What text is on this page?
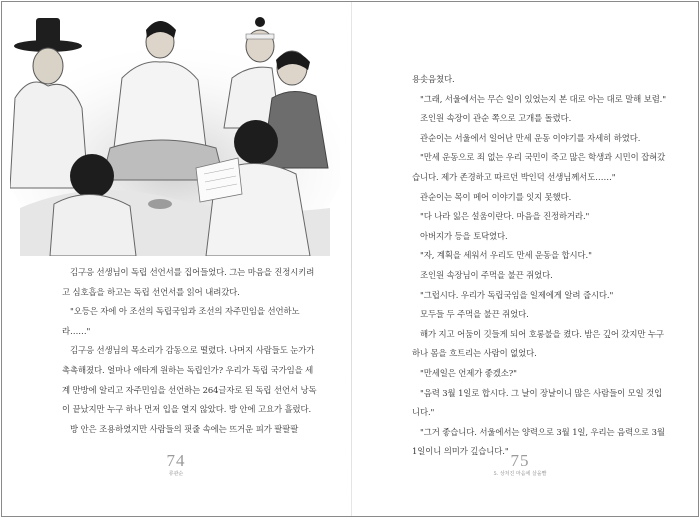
김구응 선생님이 독립 선언서를 집어들었다. 그는 마음을 진정시키려고 심호흡을 하고는 독립 선언서를 읽어 내려갔다.

"오등은 자에 아 조선의 독립국임과 조선의 자주민임을 선언하노라……"

김구응 선생님의 목소리가 감동으로 떨렸다. 나머지 사람들도 눈가가 촉촉해졌다. 얼마나 애타게 원하는 독립인가? 우리가 독립 국가임을 세계 만방에 알리고 자주민임을 선언하는 264글자로 된 독립 선언서 낭독이 끝났지만 누구 하나 먼저 입을 열지 않았다. 방 안에 고요가 흘렀다.

방 안은 조용하였지만 사람들의 핏줄 속에는 뜨거운 피가 팔팔팔

74
류관순

용솟음쳤다.

"그래, 서울에서는 무슨 일이 있었는지 본 대로 아는 대로 말해 보렴."

조인원 속장이 관순 쪽으로 고개를 돌렸다.

관순이는 서울에서 일어난 만세 운동 이야기를 자세히 하였다.

"만세 운동으로 죄 없는 우리 국민이 죽고 많은 학생과 시민이 잡혀갔습니다. 제가 존경하고 따르던 박인덕 선생님께서도……"

관순이는 목이 메어 이야기를 잇지 못했다.

"다 나라 잃은 설움이란다. 마음을 진정하거라."

아버지가 등을 토닥였다.

"자, 계획을 세워서 우리도 만세 운동을 합시다."

조인원 속장님이 주먹을 불끈 쥐었다.

"그럽시다. 우리가 독립국임을 일제에게 알려 줍시다."

모두들 두 주먹을 불끈 쥐었다.

해가 지고 어둠이 깃들게 되어 호롱불을 켰다. 밤은 깊어 갔지만 누구 하나 몸을 흐트리는 사람이 없었다.

"만세일은 언제가 좋겠소?"

"음력 3월 1일로 합시다. 그 날이 장날이니 많은 사람들이 모일 것입니다."

"그거 좋습니다. 서울에서는 양력으로 3월 1일, 우리는 음력으로 3월 1일이니 의미가 깊습니다." 75
5. 상처진 마음에 살을빨
